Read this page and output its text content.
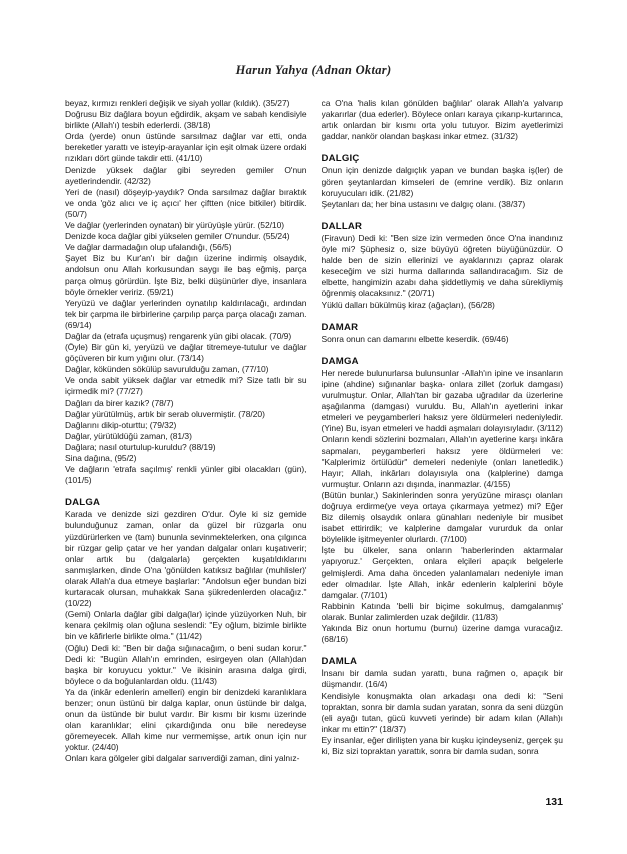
Harun Yahya (Adnan Oktar)

beyaz, kırmızı renkleri değişik ve siyah yollar (kıldık). (35/27)

Doğrusu Biz dağlara boyun eğdirdik, akşam ve sabah kendisiyle birlikte (Allah'ı) tesbih ederlerdi. (38/18)

Orda (yerde) onun üstünde sarsılmaz dağlar var etti, onda bereketler yarattı ve isteyip-arayanlar için eşit olmak üzere ordaki rızıkları dört günde takdir etti. (41/10)

Denizde yüksek dağlar gibi seyreden gemiler O'nun ayetlerindendir. (42/32)

Yeri de (nasıl) döşeyip-yaydık? Onda sarsılmaz dağlar bıraktık ve onda 'göz alıcı ve iç açıcı' her çiftten (nice bitkiler) bitirdik. (50/7)

Ve dağlar (yerlerinden oynatan) bir yürüyüşle yürür. (52/10)

Denizde koca dağlar gibi yükselen gemiler O'nundur. (55/24)

Ve dağlar darmadağın olup ufalandığı, (56/5)

Şayet Biz bu Kur'an'ı bir dağın üzerine indirmiş olsaydık, andolsun onu Allah korkusundan saygı ile baş eğmiş, parça parça olmuş görürdün. İşte Biz, belki düşünürler diye, insanlara böyle örnekler veririz. (59/21)

Yeryüzü ve dağlar yerlerinden oynatılıp kaldırılacağı, ardından tek bir çarpma ile birbirlerine çarpılıp parça parça olacağı zaman. (69/14)

Dağlar da (etrafa uçuşmuş) rengarenk yün gibi olacak. (70/9)

(Öyle) Bir gün ki, yeryüzü ve dağlar titremeye-tutulur ve dağlar göçüveren bir kum yığını olur. (73/14)

Dağlar, kökünden sökülüp savurulduğu zaman, (77/10)

Ve onda sabit yüksek dağlar var etmedik mi? Size tatlı bir su içirmedik mi? (77/27)

Dağları da birer kazık? (78/7)

Dağlar yürütülmüş, artık bir serab oluvermiştir. (78/20)

Dağlarını dikip-oturttu; (79/32)

Dağlar, yürütüldüğü zaman, (81/3)

Dağlara; nasıl oturtulup-kuruldu? (88/19)

Sina dağına, (95/2)

Ve dağların 'etrafa saçılmış' renkli yünler gibi olacakları (gün), (101/5)

DALGA

Karada ve denizde sizi gezdiren O'dur. Öyle ki siz gemide bulunduğunuz zaman, onlar da güzel bir rüzgarla onu yüzdürürlerken ve (tam) bununla sevinmektelerken, ona çılgınca bir rüzgar gelip çatar ve her yandan dalgalar onları kuşatıverir; onlar artık bu (dalgalarla) gerçekten kuşatıldıklarını sanmışlarken, dinde O'na 'gönülden katıksız bağlılar (muhlisler)' olarak Allah'a dua etmeye başlarlar: "Andolsun eğer bundan bizi kurtaracak olursan, muhakkak Sana şükredenlerden olacağız." (10/22)

(Gemi) Onlarla dağlar gibi dalga(lar) içinde yüzüyorken Nuh, bir kenara çekilmiş olan oğluna seslendi: "Ey oğlum, bizimle birlikte bin ve kâfirlerle birlikte olma." (11/42)

(Oğlu) Dedi ki: "Ben bir dağa sığınacağım, o beni sudan korur." Dedi ki: "Bugün Allah'ın emrinden, esirgeyen olan (Allah)dan başka bir koruyucu yoktur." Ve ikisinin arasına dalga girdi, böylece o da boğulanlardan oldu. (11/43)

Ya da (inkâr edenlerin amelleri) engin bir denizdeki karanlıklara benzer; onun üstünü bir dalga kaplar, onun üstünde bir dalga, onun da üstünde bir bulut vardır. Bir kısmı bir kısmı üzerinde olan karanlıklar; elini çıkardığında onu bile neredeyse göremeyecek. Allah kime nur vermemişse, artık onun için nur yoktur. (24/40)

Onları kara gölgeler gibi dalgalar sarıverdiği zaman, dini yalnız-

ca O'na 'halis kılan gönülden bağlılar' olarak Allah'a yalvarıp yakarırlar (dua ederler). Böylece onları karaya çıkarıp-kurtarınca, artık onlardan bir kısmı orta yolu tutuyor. Bizim ayetlerimizi gaddar, nankör olandan başkası inkar etmez. (31/32)

DALGIÇ

Onun için denizde dalgıçlık yapan ve bundan başka iş(ler) de gören şeytanlardan kimseleri de (emrine verdik). Biz onların koruyucuları idik. (21/82)

Şeytanları da; her bina ustasını ve dalgıç olanı. (38/37)

DALLAR

(Firavun) Dedi ki: "Ben size izin vermeden önce O'na inandınız öyle mi? Şüphesiz o, size büyüyü öğreten büyüğünüzdür. O halde ben de sizin ellerinizi ve ayaklarınızı çapraz olarak keseceğim ve sizi hurma dallarında sallandıracağım. Siz de elbette, hangimizin azabı daha şiddetliymiş ve daha sürekliymiş öğrenmiş olacaksınız." (20/71)

Yüklü dalları bükülmüş kiraz (ağaçları), (56/28)

DAMAR

Sonra onun can damarını elbette keserdik. (69/46)

DAMGA

Her nerede bulunurlarsa bulunsunlar -Allah'ın ipine ve insanların ipine (ahdine) sığınanlar başka- onlara zillet (zorluk damgası) vurulmuştur. Onlar, Allah'tan bir gazaba uğradılar da üzerlerine aşağılanma (damgası) vuruldu. Bu, Allah'ın ayetlerini inkar etmeleri ve peygamberleri haksız yere öldürmeleri nedeniyledir. (Yine) Bu, isyan etmeleri ve haddi aşmaları dolayısıyladır. (3/112)

Onların kendi sözlerini bozmaları, Allah'ın ayetlerine karşı inkâra sapmaları, peygamberleri haksız yere öldürmeleri ve: "Kalplerimiz örtülüdür" demeleri nedeniyle (onları lanetledik.) Hayır; Allah, inkârları dolayısıyla ona (kalplerine) damga vurmuştur. Onların azı dışında, inanmazlar. (4/155)

(Bütün bunlar,) Sakinlerinden sonra yeryüzüne mirasçı olanları doğruya erdirme(ye veya ortaya çıkarmaya yetmez) mi? Eğer Biz dilemiş olsaydık onlara günahları nedeniyle bir musibet isabet ettirirdik; ve kalplerine damgalar vururduk da onlar böylelikle işitmeyenler olurlardı. (7/100)

İşte bu ülkeler, sana onların 'haberlerinden aktarmalar yapıyoruz.' Gerçekten, onlara elçileri apaçık belgelerle gelmişlerdi. Ama daha önceden yalanlamaları nedeniyle iman eder olmadılar. İşte Allah, inkâr edenlerin kalplerini böyle damgalar. (7/101)

Rabbinin Katında 'belli bir biçime sokulmuş, damgalanmış' olarak. Bunlar zalimlerden uzak değildir. (11/83)

Yakında Biz onun hortumu (burnu) üzerine damga vuracağız. (68/16)

DAMLA

İnsanı bir damla sudan yarattı, buna rağmen o, apaçık bir düşmandır. (16/4)

Kendisiyle konuşmakta olan arkadaşı ona dedi ki: "Seni topraktan, sonra bir damla sudan yaratan, sonra da seni düzgün (eli ayağı tutan, gücü kuvveti yerinde) bir adam kılan (Allah)ı inkar mı ettin?" (18/37)

Ey insanlar, eğer dirilişten yana bir kuşku içindeyseniz, gerçek şu ki, Biz sizi topraktan yarattık, sonra bir damla sudan, sonra

131
